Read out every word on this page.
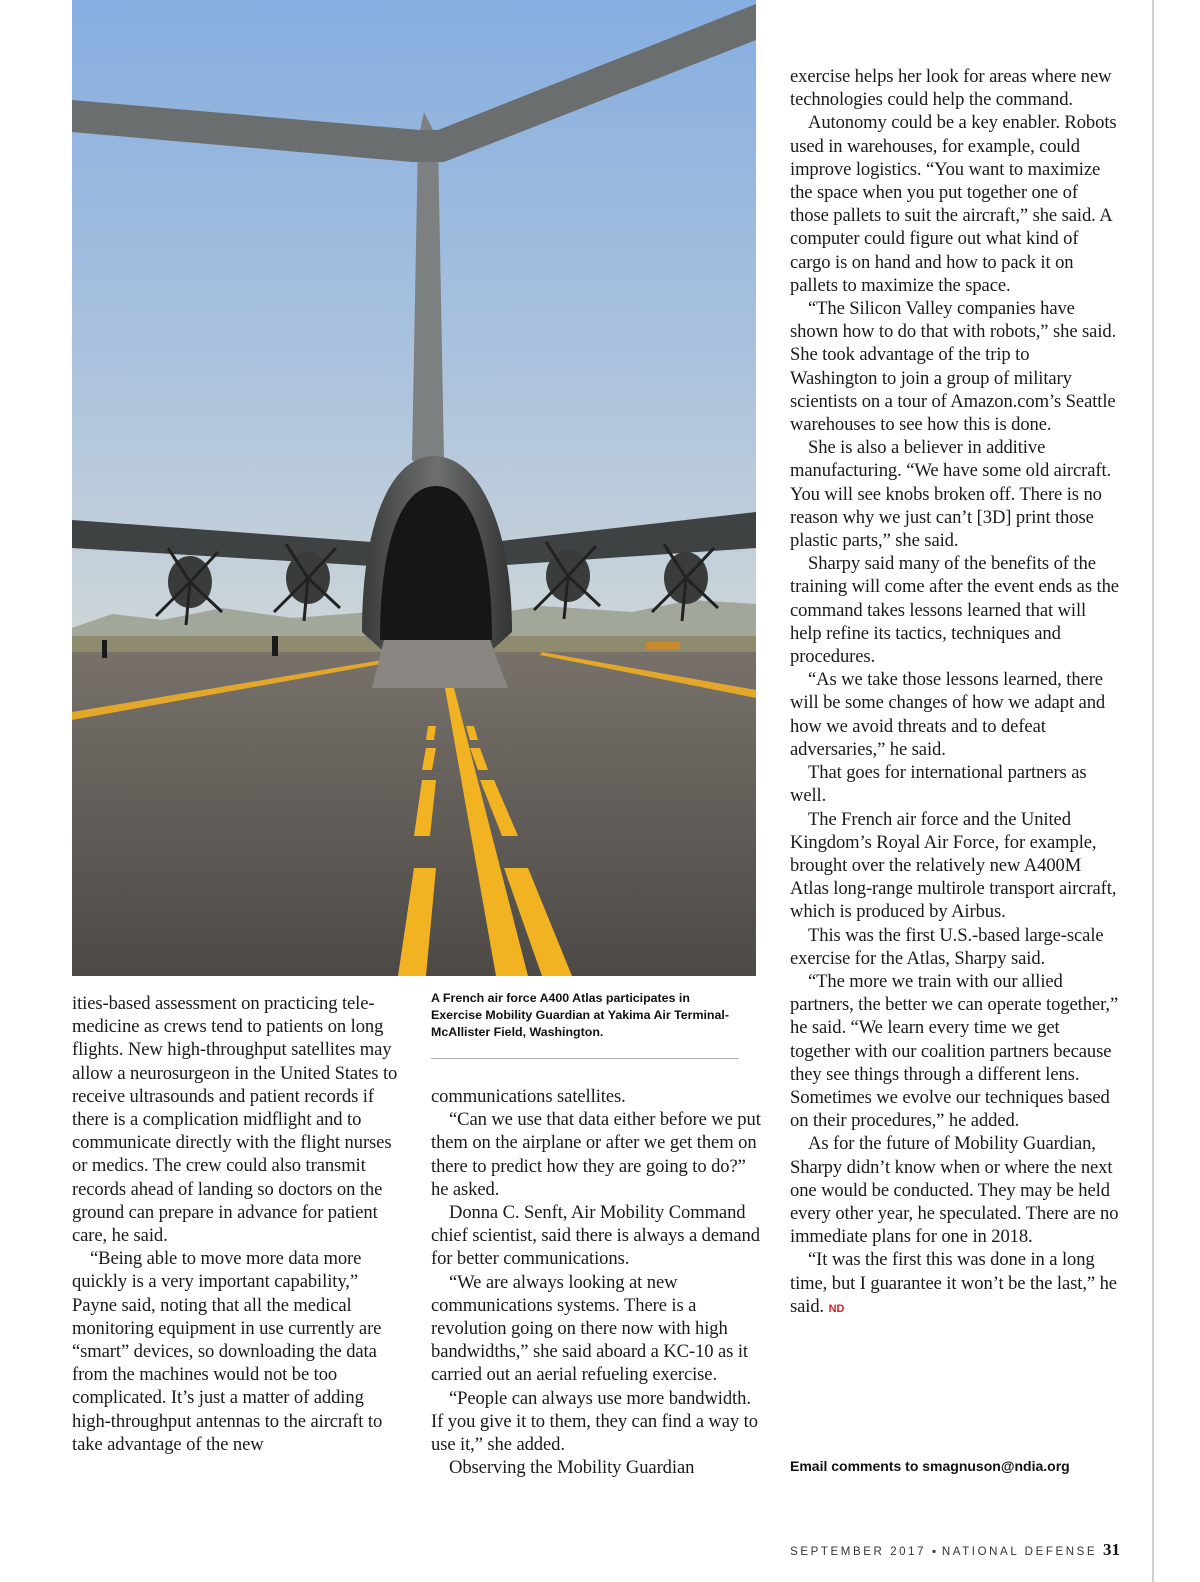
A French air force A400 Atlas participates in Exercise Mobility Guardian at Yakima Air Terminal-McAllister Field, Washington.

ities-based assessment on practicing tele-medicine as crews tend to patients on long flights. New high-throughput satellites may allow a neurosurgeon in the United States to receive ultrasounds and patient records if there is a complication midflight and to communicate directly with the flight nurses or medics. The crew could also transmit records ahead of landing so doctors on the ground can prepare in advance for patient care, he said.

“Being able to move more data more quickly is a very important capability,” Payne said, noting that all the medical monitoring equipment in use currently are “smart” devices, so downloading the data from the machines would not be too complicated. It’s just a matter of adding high-throughput antennas to the aircraft to take advantage of the new

communications satellites.

“Can we use that data either before we put them on the airplane or after we get them on there to predict how they are going to do?” he asked.

Donna C. Senft, Air Mobility Command chief scientist, said there is always a demand for better communications.

“We are always looking at new communications systems. There is a revolution going on there now with high bandwidths,” she said aboard a KC-10 as it carried out an aerial refueling exercise.

“People can always use more bandwidth. If you give it to them, they can find a way to use it,” she added.

Observing the Mobility Guardian

exercise helps her look for areas where new technologies could help the command.

Autonomy could be a key enabler. Robots used in warehouses, for example, could improve logistics. “You want to maximize the space when you put together one of those pallets to suit the aircraft,” she said. A computer could figure out what kind of cargo is on hand and how to pack it on pallets to maximize the space.

“The Silicon Valley companies have shown how to do that with robots,” she said. She took advantage of the trip to Washington to join a group of military scientists on a tour of Amazon.com’s Seattle warehouses to see how this is done.

She is also a believer in additive manufacturing. “We have some old aircraft. You will see knobs broken off. There is no reason why we just can’t [3D] print those plastic parts,” she said.

Sharpy said many of the benefits of the training will come after the event ends as the command takes lessons learned that will help refine its tactics, techniques and procedures.

“As we take those lessons learned, there will be some changes of how we adapt and how we avoid threats and to defeat adversaries,” he said.

That goes for international partners as well.

The French air force and the United Kingdom’s Royal Air Force, for example, brought over the relatively new A400M Atlas long-range multirole transport aircraft, which is produced by Airbus.

This was the first U.S.-based large-scale exercise for the Atlas, Sharpy said.

“The more we train with our allied partners, the better we can operate together,” he said. “We learn every time we get together with our coalition partners because they see things through a different lens. Sometimes we evolve our techniques based on their procedures,” he added.

As for the future of Mobility Guardian, Sharpy didn’t know when or where the next one would be conducted. They may be held every other year, he speculated. There are no immediate plans for one in 2018.

“It was the first this was done in a long time, but I guarantee it won’t be the last,” he said. ND

Email comments to smagnuson@ndia.org
SEPTEMBER 2017 ▪ NATIONAL DEFENSE 31
